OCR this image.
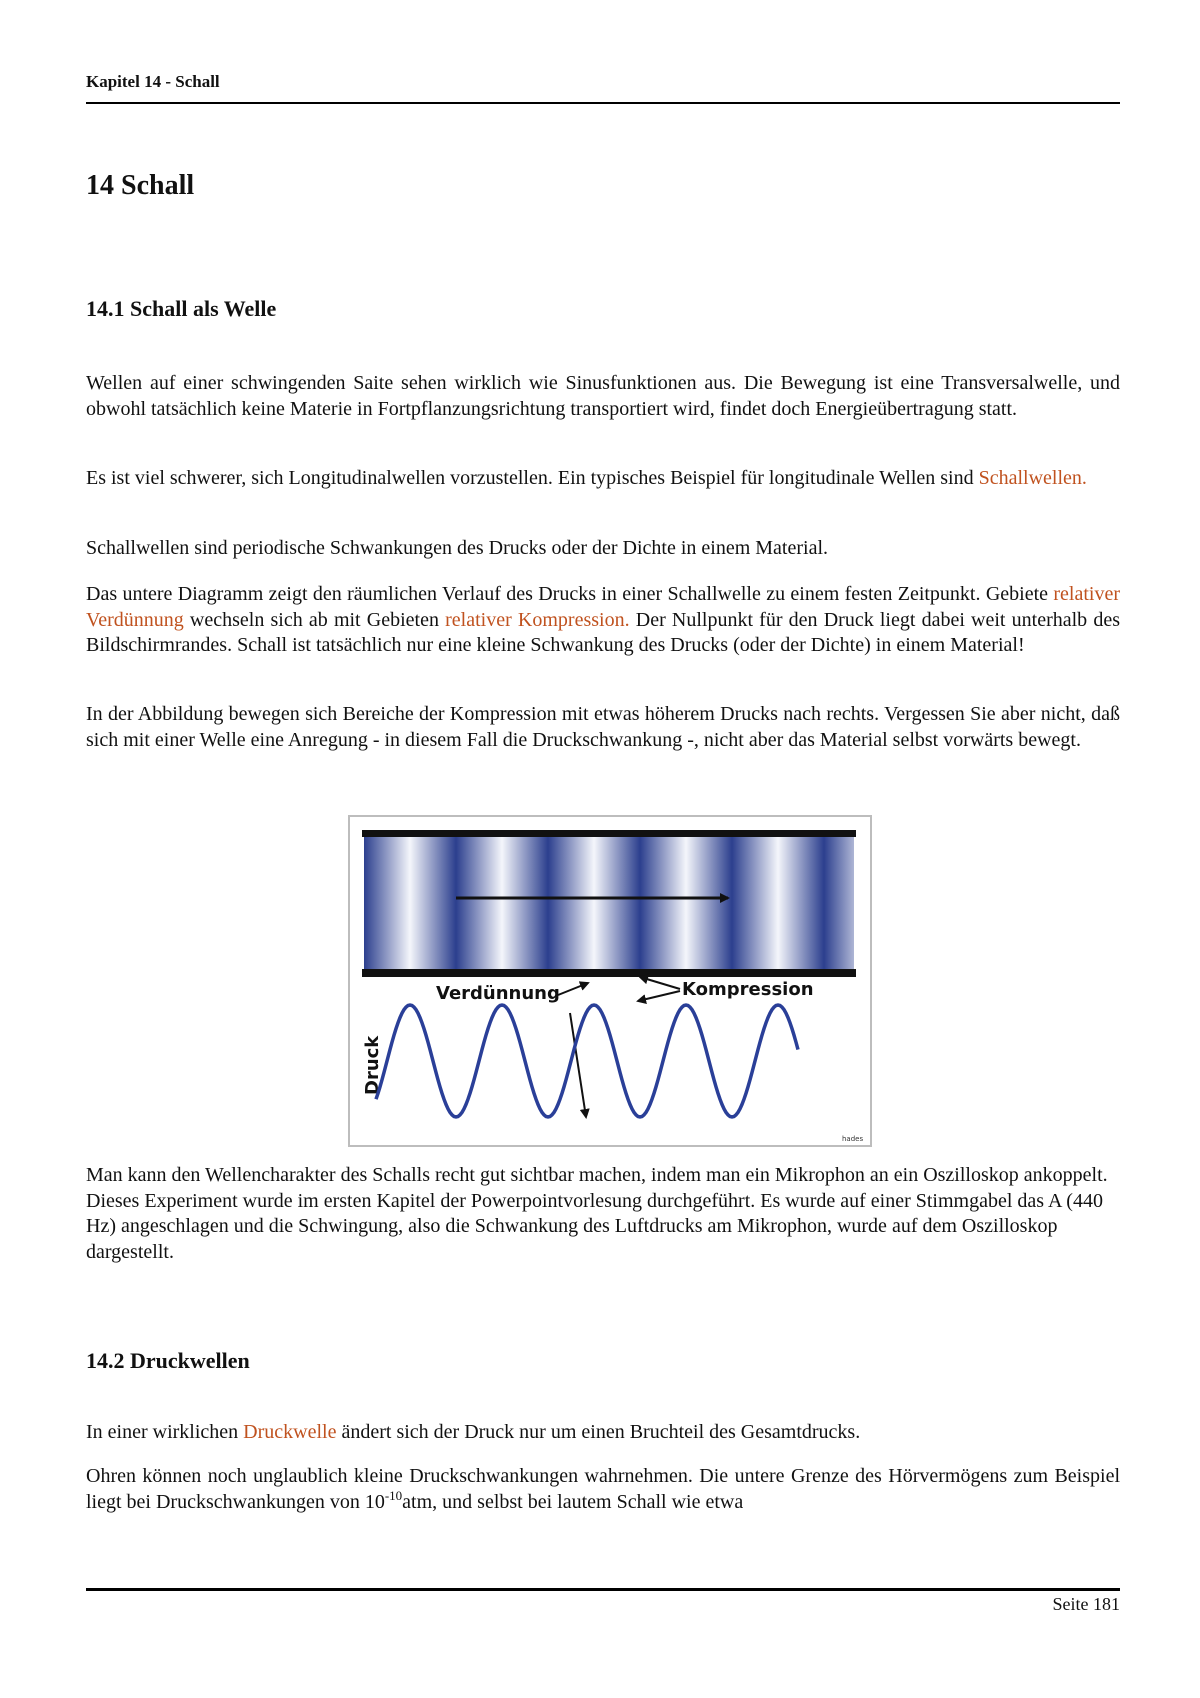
Kapitel 14 - Schall
14 Schall
14.1 Schall als Welle

Wellen auf einer schwingenden Saite sehen wirklich wie Sinusfunktionen aus. Die Bewegung ist eine Transversalwelle, und obwohl tatsächlich keine Materie in Fortpflanzungsrichtung transportiert wird, findet doch Energieübertragung statt.

Es ist viel schwerer, sich Longitudinalwellen vorzustellen. Ein typisches Beispiel für longitudinale Wellen sind Schallwellen.

Schallwellen sind periodische Schwankungen des Drucks oder der Dichte in einem Material.

Das untere Diagramm zeigt den räumlichen Verlauf des Drucks in einer Schallwelle zu einem festen Zeitpunkt. Gebiete relativer Verdünnung wechseln sich ab mit Gebieten relativer Kompression. Der Nullpunkt für den Druck liegt dabei weit unterhalb des Bildschirmrandes. Schall ist tatsächlich nur eine kleine Schwankung des Drucks (oder der Dichte) in einem Material!

In der Abbildung bewegen sich Bereiche der Kompression mit etwas höherem Drucks nach rechts. Vergessen Sie aber nicht, daß sich mit einer Welle eine Anregung - in diesem Fall die Druckschwankung -, nicht aber das Material selbst vorwärts bewegt.

Verdünnung	Kompression
Druck
hades

Man kann den Wellencharakter des Schalls recht gut sichtbar machen, indem man ein Mikrophon an ein Oszilloskop ankoppelt. Dieses Experiment wurde im ersten Kapitel der Powerpointvorlesung durchgeführt. Es wurde auf einer Stimmgabel das A (440 Hz) angeschlagen und die Schwingung, also die Schwankung des Luftdrucks am Mikrophon, wurde auf dem Oszilloskop dargestellt.

14.2 Druckwellen

In einer wirklichen Druckwelle ändert sich der Druck nur um einen Bruchteil des Gesamtdrucks.

Ohren können noch unglaublich kleine Druckschwankungen wahrnehmen. Die untere Grenze des Hörvermögens zum Beispiel liegt bei Druckschwankungen von $10^{-10}atm$, und selbst bei lautem Schall wie etwa

Seite 181
